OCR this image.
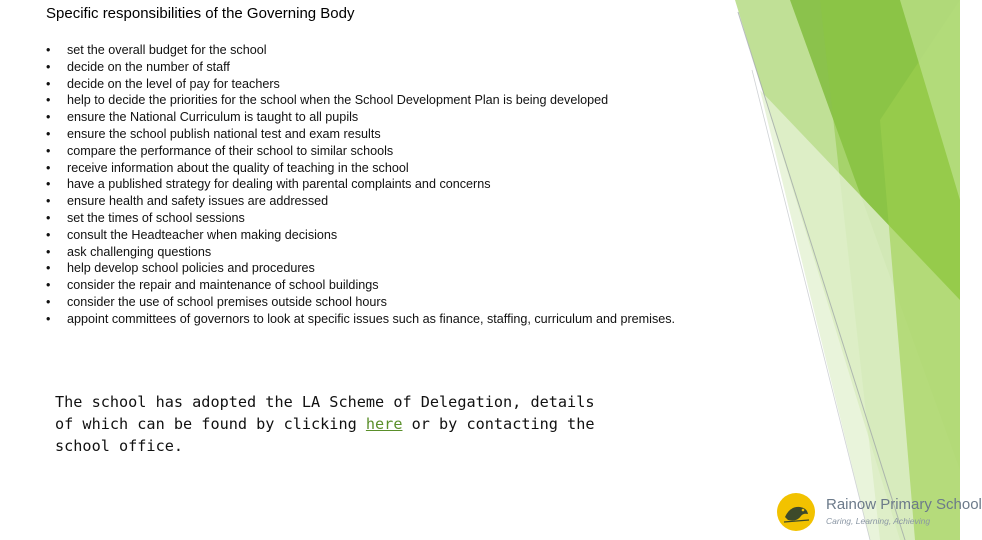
Specific responsibilities of the Governing Body
• set the overall budget for the school
• decide on the number of staff
• decide on the level of pay for teachers
• help to decide the priorities for the school when the School Development Plan is being developed
• ensure the National Curriculum is taught to all pupils
• ensure the school publish national test and exam results
• compare the performance of their school to similar schools
• receive information about the quality of teaching in the school
• have a published strategy for dealing with parental complaints and concerns
• ensure health and safety issues are addressed
• set the times of school sessions
• consult the Headteacher when making decisions
• ask challenging questions
• help develop school policies and procedures
• consider the repair and maintenance of school buildings
• consider the use of school premises outside school hours
• appoint committees of governors to look at specific issues such as finance, staffing, curriculum and premises.
The school has adopted the LA Scheme of Delegation, details of which can be found by clicking here or by contacting the school office.
Rainow Primary School
Caring, Learning, Achieving
